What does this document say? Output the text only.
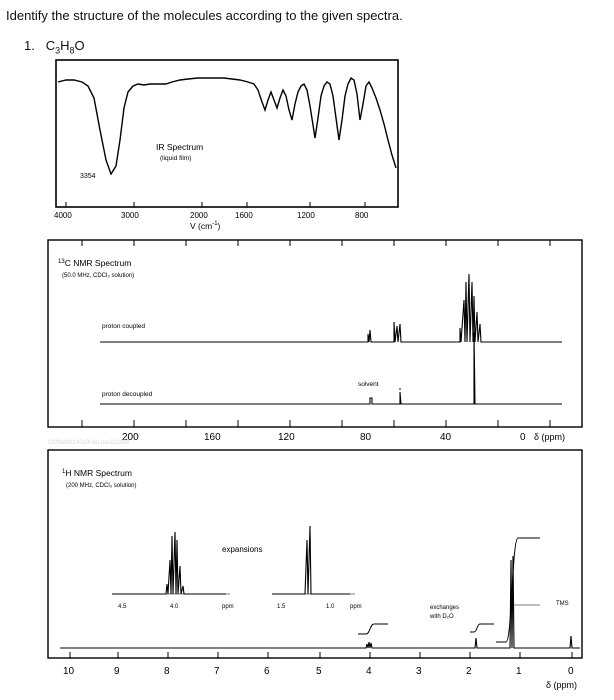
Identify the structure of the molecules according to the given spectra.
1. $C_3H_8O$
3354
IR Spectrum
(liquid film)
4000	3000	2000	1600	1200	800
V $(cm^{-1})$
$^{13}$C NMR Spectrum
(50.0 MHz, CDCl₃ solution)
proton coupled
proton decoupled
solvent
200	160	120	80	40	0 δ (ppm)
f2cf9efd8140e90eb1ee222d98
$^1$H NMR Spectrum
(200 MHz, CDCl₃ solution)
4.5	4.0	ppm
expansions
1.5	1.0	ppm	exchanges
with D₂O
TMS
10	9	8	7	6	5	4	3	2	1	0
δ (ppm)
